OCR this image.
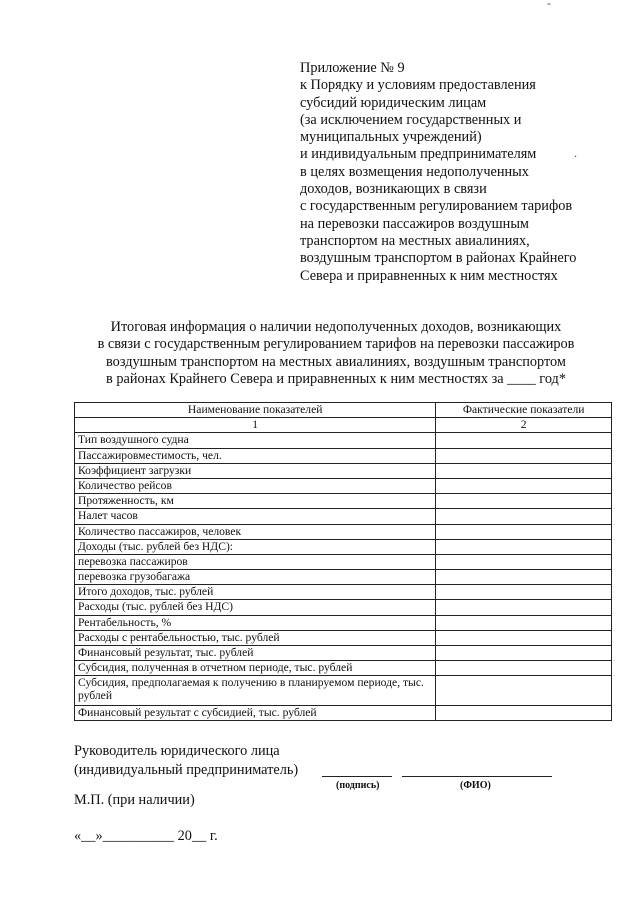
-
.
Приложение № 9
к Порядку и условиям предоставления
субсидий юридическим лицам
(за исключением государственных и
муниципальных учреждений)
и индивидуальным предпринимателям
в целях возмещения недополученных
доходов, возникающих в связи
с государственным регулированием тарифов
на перевозки пассажиров воздушным
транспортом на местных авиалиниях,
воздушным транспортом в районах Крайнего
Севера и приравненных к ним местностях
Итоговая информация о наличии недополученных доходов, возникающих
в связи с государственным регулированием тарифов на перевозки пассажиров
воздушным транспортом на местных авиалиниях, воздушным транспортом
в районах Крайнего Севера и приравненных к ним местностях за ____ год*
Наименование показателей	Фактические показатели
1	2
Тип воздушного судна	
Пассажировместимость, чел.	
Коэффициент загрузки	
Количество рейсов	
Протяженность, км	
Налет часов	
Количество пассажиров, человек	
Доходы (тыс. рублей без НДС):	
перевозка пассажиров	
перевозка грузобагажа	
Итого доходов, тыс. рублей	
Расходы (тыс. рублей без НДС)	
Рентабельность, %	
Расходы с рентабельностью, тыс. рублей	
Финансовый результат, тыс. рублей	
Субсидия, полученная в отчетном периоде, тыс. рублей	
Субсидия, предполагаемая к получению в планируемом периоде, тыс. рублей	
Финансовый результат с субсидией, тыс. рублей	
Руководитель юридического лица
(индивидуальный предприниматель)
(подпись)	(ФИО)
М.П. (при наличии)
«__»__________ 20__ г.
